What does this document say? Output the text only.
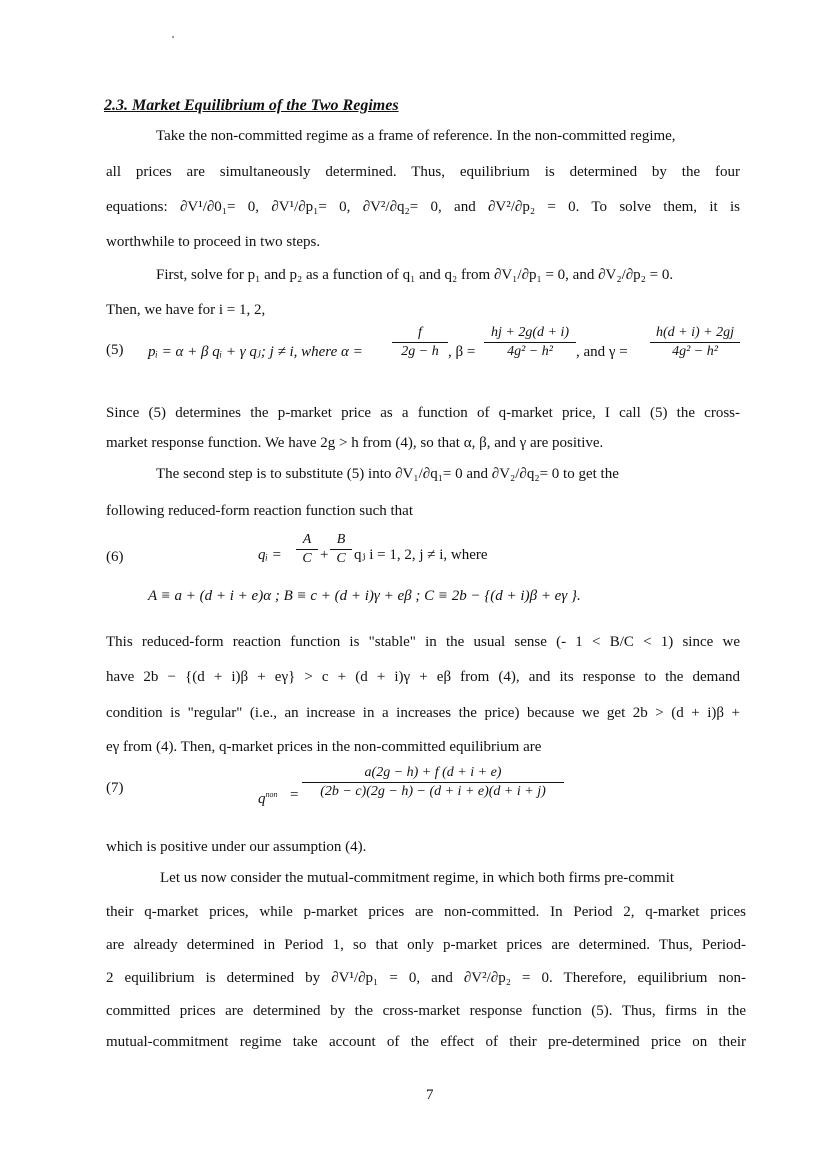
2.3. Market Equilibrium of the Two Regimes
Take the non-committed regime as a frame of reference. In the non-committed regime,
all prices are simultaneously determined. Thus, equilibrium is determined by the four
equations: ∂V¹/∂0₁= 0, ∂V¹/∂p₁= 0, ∂V²/∂q₂= 0, and ∂V²/∂p₂ = 0. To solve them, it is
worthwhile to proceed in two steps.
First, solve for p₁ and p₂ as a function of q₁ and q₂ from ∂V₁/∂p₁ = 0, and ∂V₂/∂p₂ = 0.
Then, we have for i = 1, 2,
(5) pᵢ = α + β qᵢ + γ qⱼ; j ≠ i, where α =
f
2g − h , β =
hj + 2g(d + i)
4g² − h²	, and γ =
h(d + i) + 2gj
4g² − h²
Since (5) determines the p-market price as a function of q-market price, I call (5) the cross-
market response function. We have 2g > h from (4), so that α, β, and γ are positive.
The second step is to substitute (5) into ∂V₁/∂q₁= 0 and ∂V₂/∂q₂= 0 to get the
following reduced-form reaction function such that
(6)	qᵢ =
A
C +
B
C qⱼ i = 1, 2, j ≠ i, where
A ≡ a + (d + i + e)α ; B ≡ c + (d + i)γ + eβ ; C ≡ 2b − {(d + i)β + eγ }.
This reduced-form reaction function is "stable" in the usual sense (- 1 < B/C < 1) since we
have 2b − {(d + i)β + eγ} > c + (d + i)γ + eβ from (4), and its response to the demand
condition is "regular" (i.e., an increase in a increases the price) because we get 2b > (d + i)β +
eγ from (4). Then, q-market prices in the non-committed equilibrium are
(7)
$q^{non}$ =
a(2g − h) + f (d + i + e)
(2b − c)(2g − h) − (d + i + e)(d + i + j)
which is positive under our assumption (4).
Let us now consider the mutual-commitment regime, in which both firms pre-commit
their q-market prices, while p-market prices are non-committed. In Period 2, q-market prices
are already determined in Period 1, so that only p-market prices are determined. Thus, Period-
2 equilibrium is determined by ∂V¹/∂p₁ = 0, and ∂V²/∂p₂ = 0. Therefore, equilibrium non-
committed prices are determined by the cross-market response function (5). Thus, firms in the
mutual-commitment regime take account of the effect of their pre-determined price on their
7
